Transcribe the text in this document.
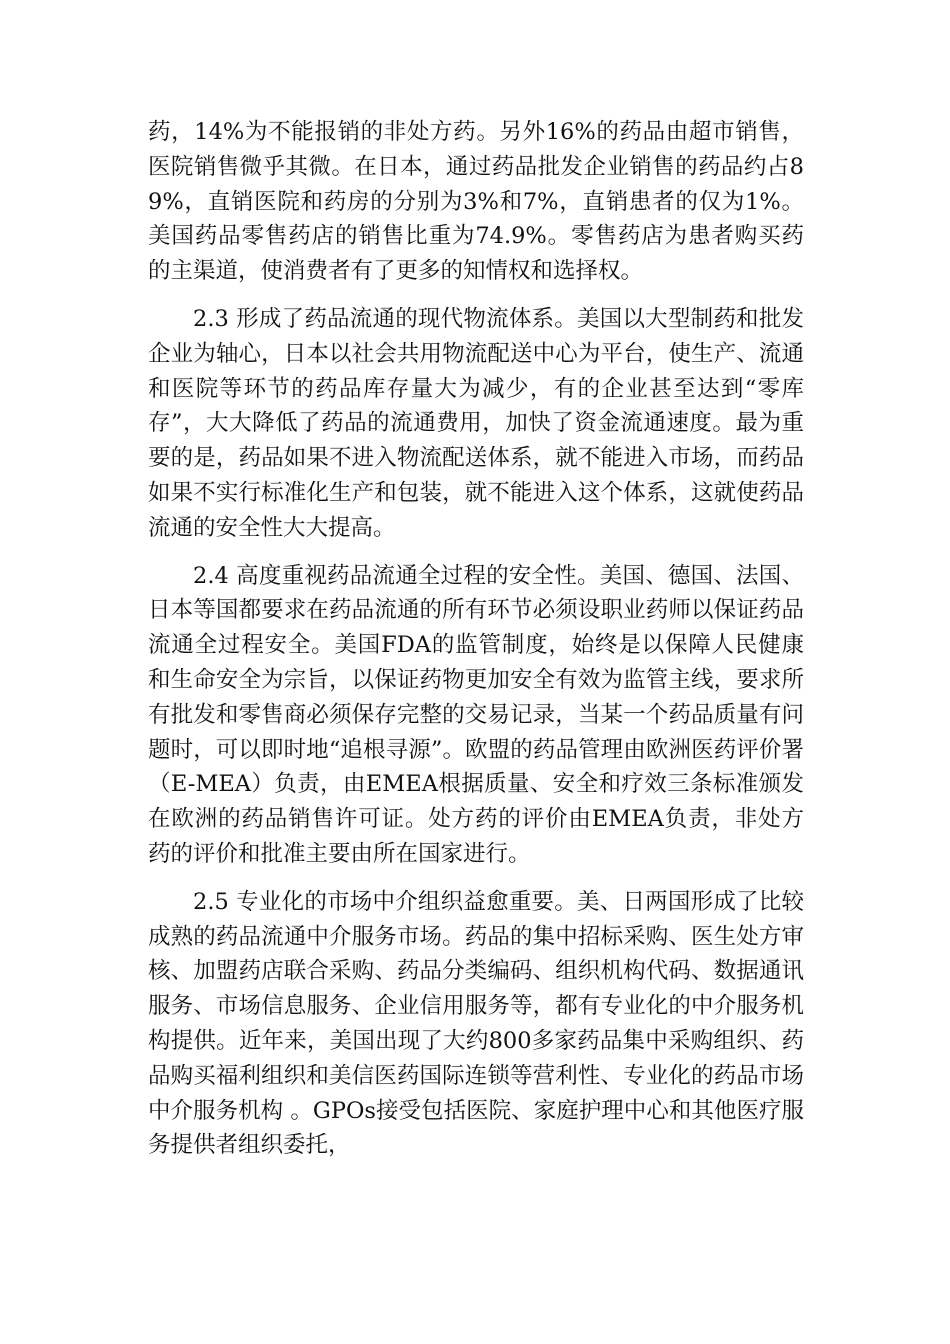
药，14%为不能报销的非处方药。另外16%的药品由超市销售，医院销售微乎其微。在日本，通过药品批发企业销售的药品约占89%，直销医院和药房的分别为3%和7%，直销患者的仅为1%。美国药品零售药店的销售比重为74.9%。零售药店为患者购买药的主渠道，使消费者有了更多的知情权和选择权。

2.3 形成了药品流通的现代物流体系。美国以大型制药和批发企业为轴心，日本以社会共用物流配送中心为平台，使生产、流通和医院等环节的药品库存量大为减少，有的企业甚至达到“零库存”，大大降低了药品的流通费用，加快了资金流通速度。最为重要的是，药品如果不进入物流配送体系，就不能进入市场，而药品如果不实行标准化生产和包装，就不能进入这个体系，这就使药品流通的安全性大大提高。

2.4 高度重视药品流通全过程的安全性。美国、德国、法国、日本等国都要求在药品流通的所有环节必须设职业药师以保证药品流通全过程安全。美国FDA的监管制度，始终是以保障人民健康和生命安全为宗旨，以保证药物更加安全有效为监管主线，要求所有批发和零售商必须保存完整的交易记录，当某一个药品质量有问题时，可以即时地“追根寻源”。欧盟的药品管理由欧洲医药评价署（E-MEA）负责，由EMEA根据质量、安全和疗效三条标准颁发在欧洲的药品销售许可证。处方药的评价由EMEA负责，非处方药的评价和批准主要由所在国家进行。

2.5 专业化的市场中介组织益愈重要。美、日两国形成了比较成熟的药品流通中介服务市场。药品的集中招标采购、医生处方审核、加盟药店联合采购、药品分类编码、组织机构代码、数据通讯服务、市场信息服务、企业信用服务等，都有专业化的中介服务机构提供。近年来，美国出现了大约800多家药品集中采购组织、药品购买福利组织和美信医药国际连锁等营利性、专业化的药品市场中介服务机构 。GPOs接受包括医院、家庭护理中心和其他医疗服务提供者组织委托，
